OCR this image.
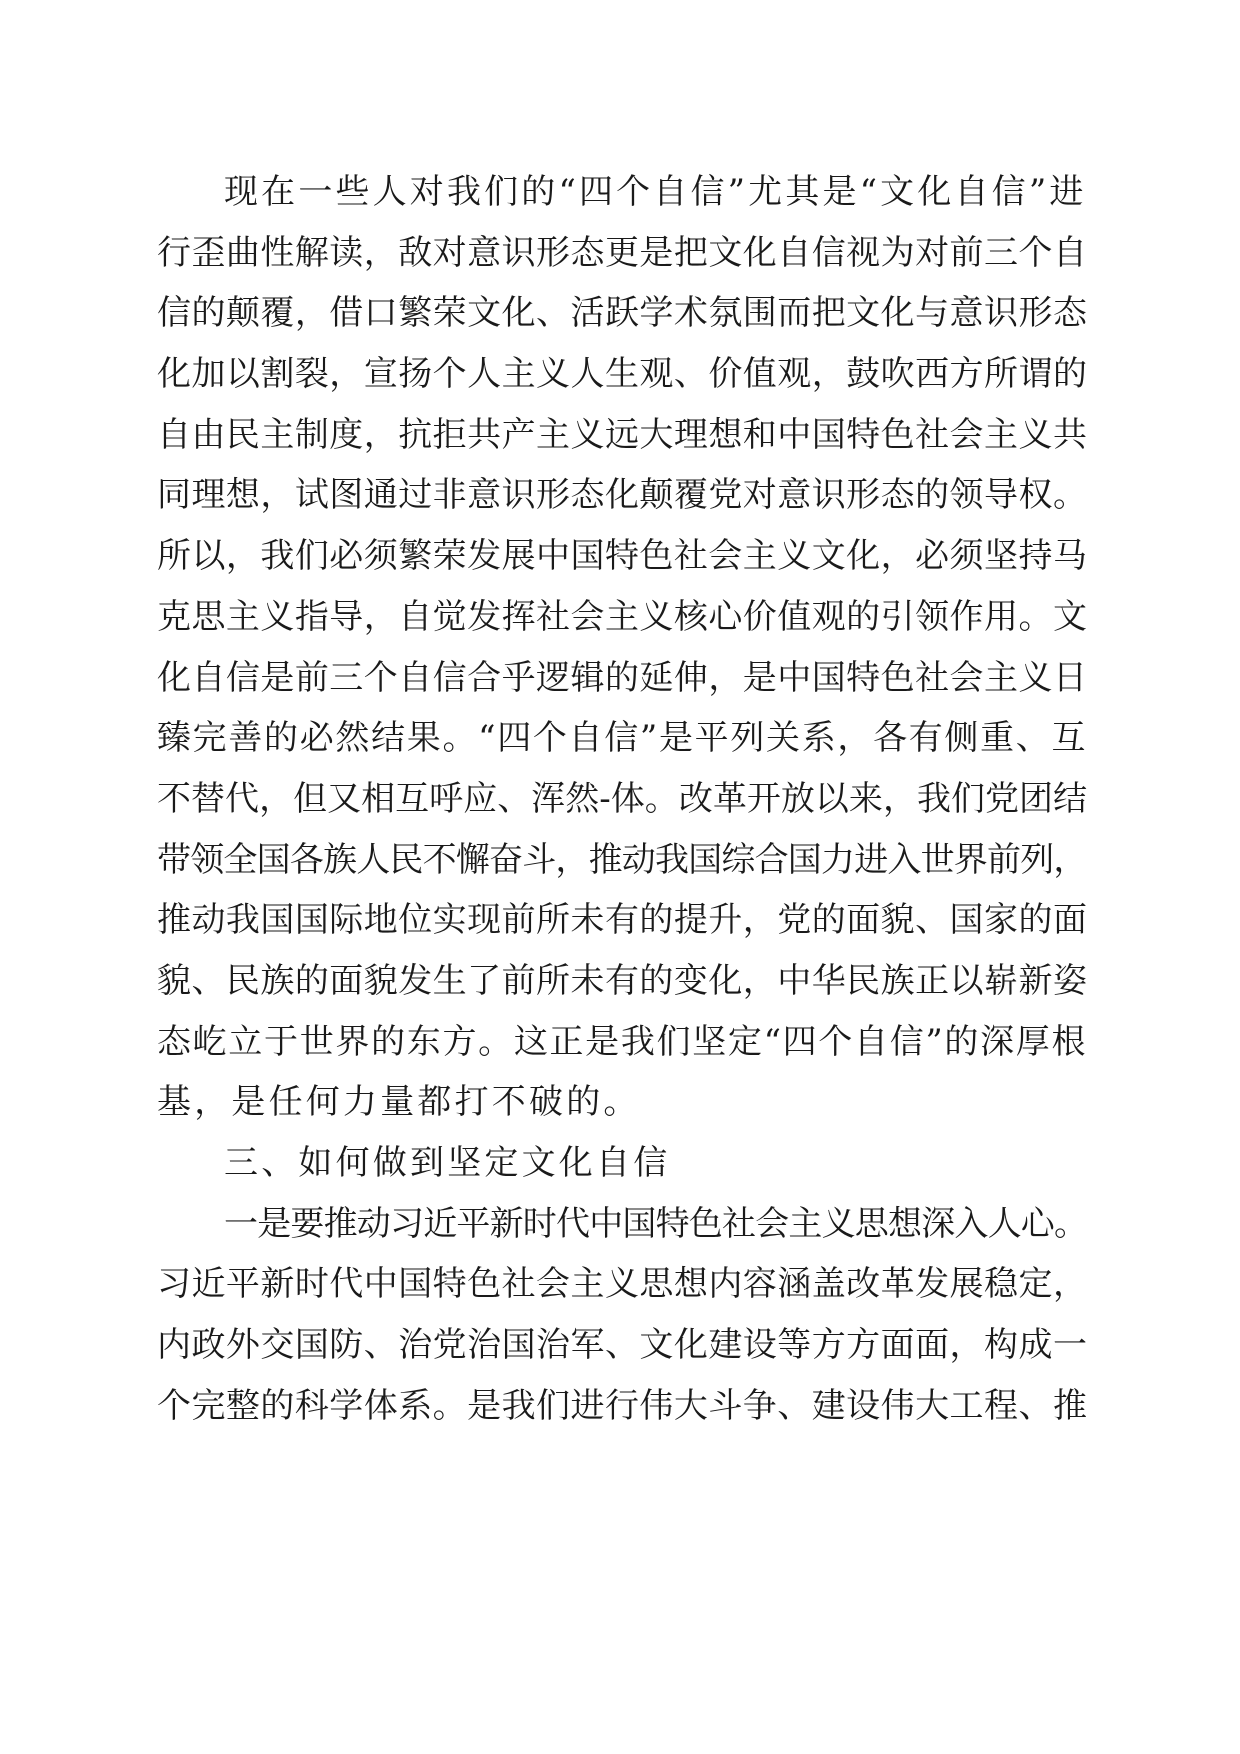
现在一些人对我们的“四个自信”尤其是“文化自信”进
行歪曲性解读，敌对意识形态更是把文化自信视为对前三个自
信的颠覆，借口繁荣文化、活跃学术氛围而把文化与意识形态
化加以割裂，宣扬个人主义人生观、价值观，鼓吹西方所谓的
自由民主制度，抗拒共产主义远大理想和中国特色社会主义共
同理想，试图通过非意识形态化颠覆党对意识形态的领导权。
所以，我们必须繁荣发展中国特色社会主义文化，必须坚持马
克思主义指导，自觉发挥社会主义核心价值观的引领作用。文
化自信是前三个自信合乎逻辑的延伸，是中国特色社会主义日
臻完善的必然结果。“四个自信”是平列关系，各有侧重、互
不替代，但又相互呼应、浑然-体。改革开放以来，我们党团结
带领全国各族人民不懈奋斗，推动我国综合国力进入世界前列，
推动我国国际地位实现前所未有的提升，党的面貌、国家的面
貌、民族的面貌发生了前所未有的变化，中华民族正以崭新姿
态屹立于世界的东方。这正是我们坚定“四个自信”的深厚根
基，是任何力量都打不破的。
三、如何做到坚定文化自信
一是要推动习近平新时代中国特色社会主义思想深入人心。
习近平新时代中国特色社会主义思想内容涵盖改革发展稳定，
内政外交国防、治党治国治军、文化建设等方方面面，构成一
个完整的科学体系。是我们进行伟大斗争、建设伟大工程、推
